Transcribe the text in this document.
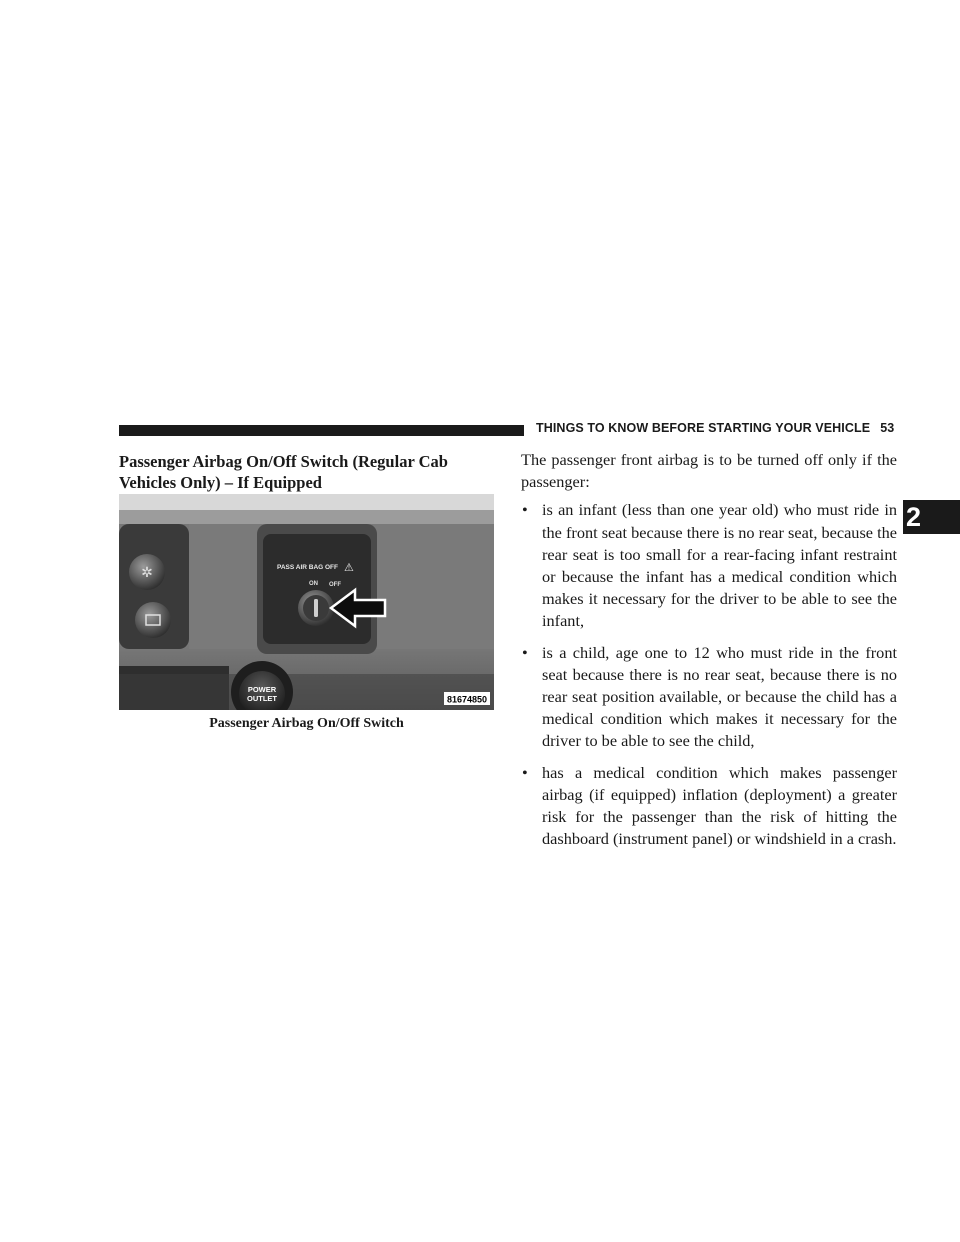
THINGS TO KNOW BEFORE STARTING YOUR VEHICLE 53
2
Passenger Airbag On/Off Switch (Regular Cab Vehicles Only) – If Equipped
✲	PASS AIR BAG OFF ⚠
ON OFF
POWER
OUTLET	81674850
Passenger Airbag On/Off Switch

The passenger front airbag is to be turned off only if the passenger:

• is an infant (less than one year old) who must ride in the front seat because there is no rear seat, because the rear seat is too small for a rear-facing infant restraint or because the infant has a medical condition which makes it necessary for the driver to be able to see the infant,
• is a child, age one to 12 who must ride in the front seat because there is no rear seat, because there is no rear seat position available, or because the child has a medical condition which makes it necessary for the driver to be able to see the child,
• has a medical condition which makes passenger airbag (if equipped) inflation (deployment) a greater risk for the passenger than the risk of hitting the dashboard (instrument panel) or windshield in a crash.
